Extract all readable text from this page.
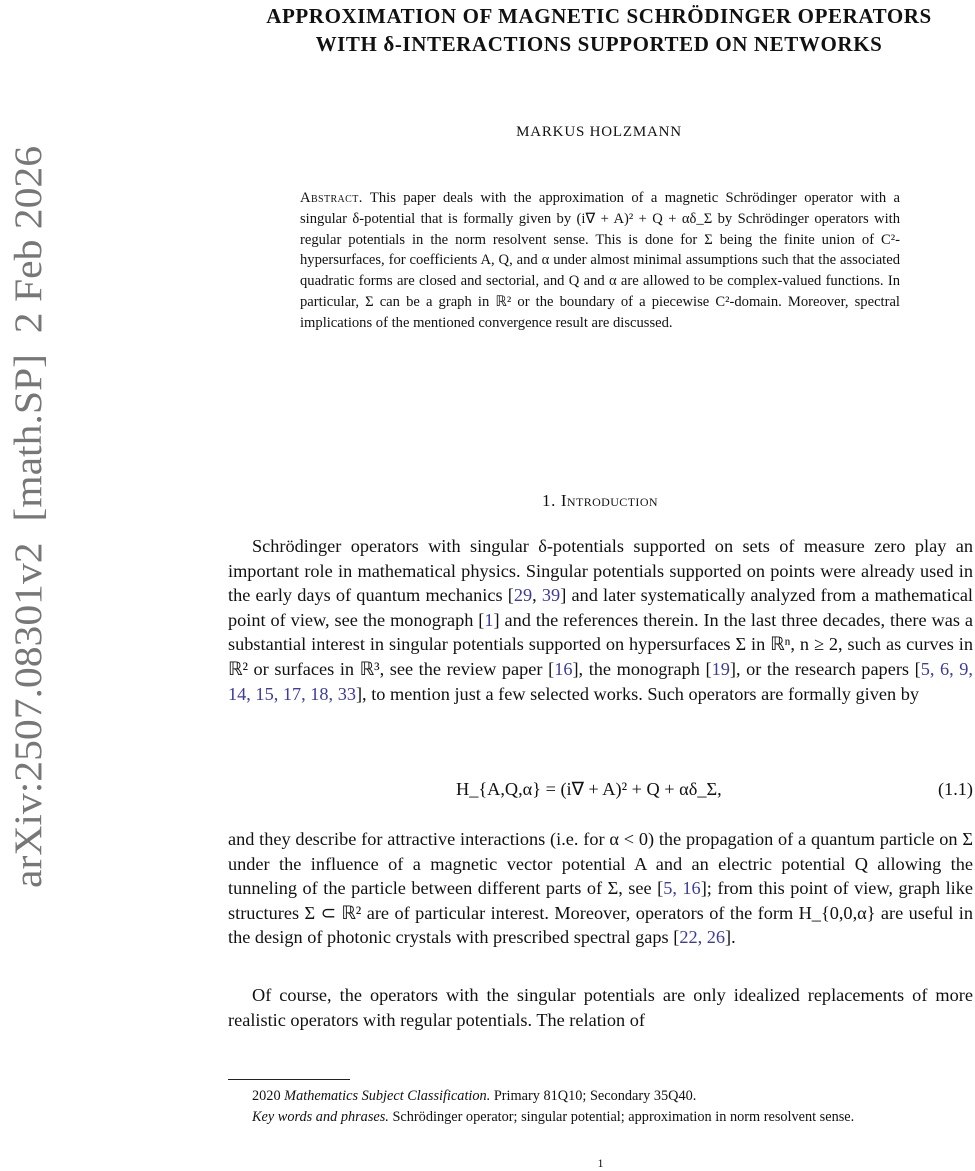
arXiv:2507.08301v2  [math.SP]  2 Feb 2026
APPROXIMATION OF MAGNETIC SCHRÖDINGER OPERATORS WITH δ-INTERACTIONS SUPPORTED ON NETWORKS
MARKUS HOLZMANN
Abstract. This paper deals with the approximation of a magnetic Schrödinger operator with a singular δ-potential that is formally given by (i∇ + A)² + Q + αδ_Σ by Schrödinger operators with regular potentials in the norm resolvent sense. This is done for Σ being the finite union of C²-hypersurfaces, for coefficients A, Q, and α under almost minimal assumptions such that the associated quadratic forms are closed and sectorial, and Q and α are allowed to be complex-valued functions. In particular, Σ can be a graph in ℝ² or the boundary of a piecewise C²-domain. Moreover, spectral implications of the mentioned convergence result are discussed.
1. Introduction
Schrödinger operators with singular δ-potentials supported on sets of measure zero play an important role in mathematical physics. Singular potentials supported on points were already used in the early days of quantum mechanics [29, 39] and later systematically analyzed from a mathematical point of view, see the monograph [1] and the references therein. In the last three decades, there was a substantial interest in singular potentials supported on hypersurfaces Σ in ℝⁿ, n ≥ 2, such as curves in ℝ² or surfaces in ℝ³, see the review paper [16], the monograph [19], or the research papers [5, 6, 9, 14, 15, 17, 18, 33], to mention just a few selected works. Such operators are formally given by
H_{A,Q,α} = (i∇ + A)² + Q + αδ_Σ,	(1.1)
and they describe for attractive interactions (i.e. for α < 0) the propagation of a quantum particle on Σ under the influence of a magnetic vector potential A and an electric potential Q allowing the tunneling of the particle between different parts of Σ, see [5, 16]; from this point of view, graph like structures Σ ⊂ ℝ² are of particular interest. Moreover, operators of the form H_{0,0,α} are useful in the design of photonic crystals with prescribed spectral gaps [22, 26].
Of course, the operators with the singular potentials are only idealized replacements of more realistic operators with regular potentials. The relation of
2020 Mathematics Subject Classification. Primary 81Q10; Secondary 35Q40.
Key words and phrases. Schrödinger operator; singular potential; approximation in norm resolvent sense.
1
